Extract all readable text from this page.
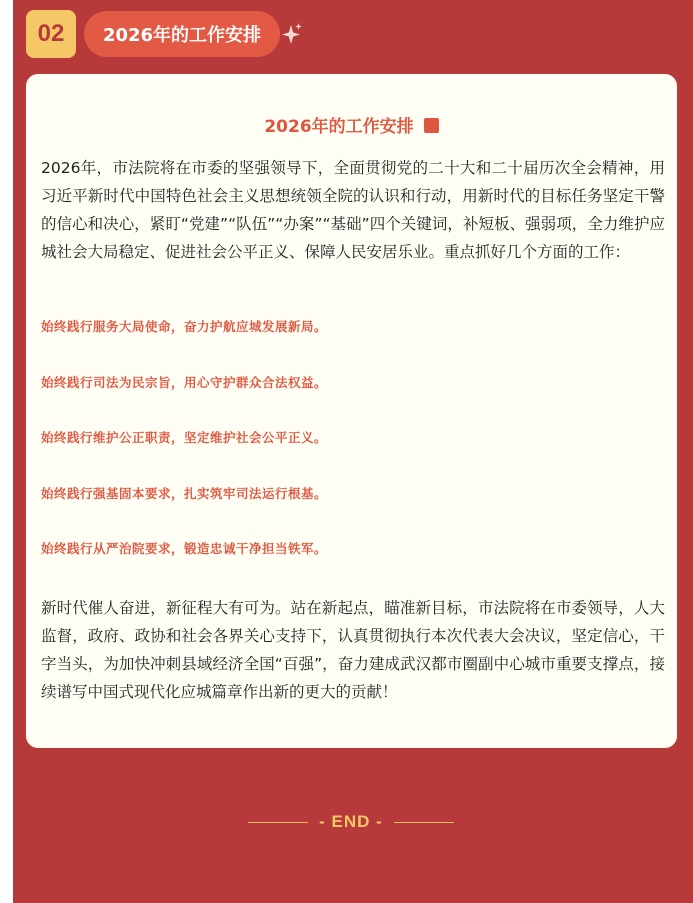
02 2026年的工作安排
2026年的工作安排

2026年，市法院将在市委的坚强领导下，全面贯彻党的二十大和二十届历次全会精神，用习近平新时代中国特色社会主义思想统领全院的认识和行动，用新时代的目标任务坚定干警的信心和决心，紧盯“党建”“队伍”“办案”“基础”四个关键词，补短板、强弱项，全力维护应城社会大局稳定、促进社会公平正义、保障人民安居乐业。重点抓好几个方面的工作：

始终践行服务大局使命，奋力护航应城发展新局。
始终践行司法为民宗旨，用心守护群众合法权益。
始终践行维护公正职责，坚定维护社会公平正义。
始终践行强基固本要求，扎实筑牢司法运行根基。
始终践行从严治院要求，锻造忠诚干净担当铁军。

新时代催人奋进，新征程大有可为。站在新起点，瞄准新目标，市法院将在市委领导，人大监督，政府、政协和社会各界关心支持下，认真贯彻执行本次代表大会决议，坚定信心，干字当头，为加快冲刺县域经济全国“百强”，奋力建成武汉都市圈副中心城市重要支撑点，接续谱写中国式现代化应城篇章作出新的更大的贡献！

- END -
